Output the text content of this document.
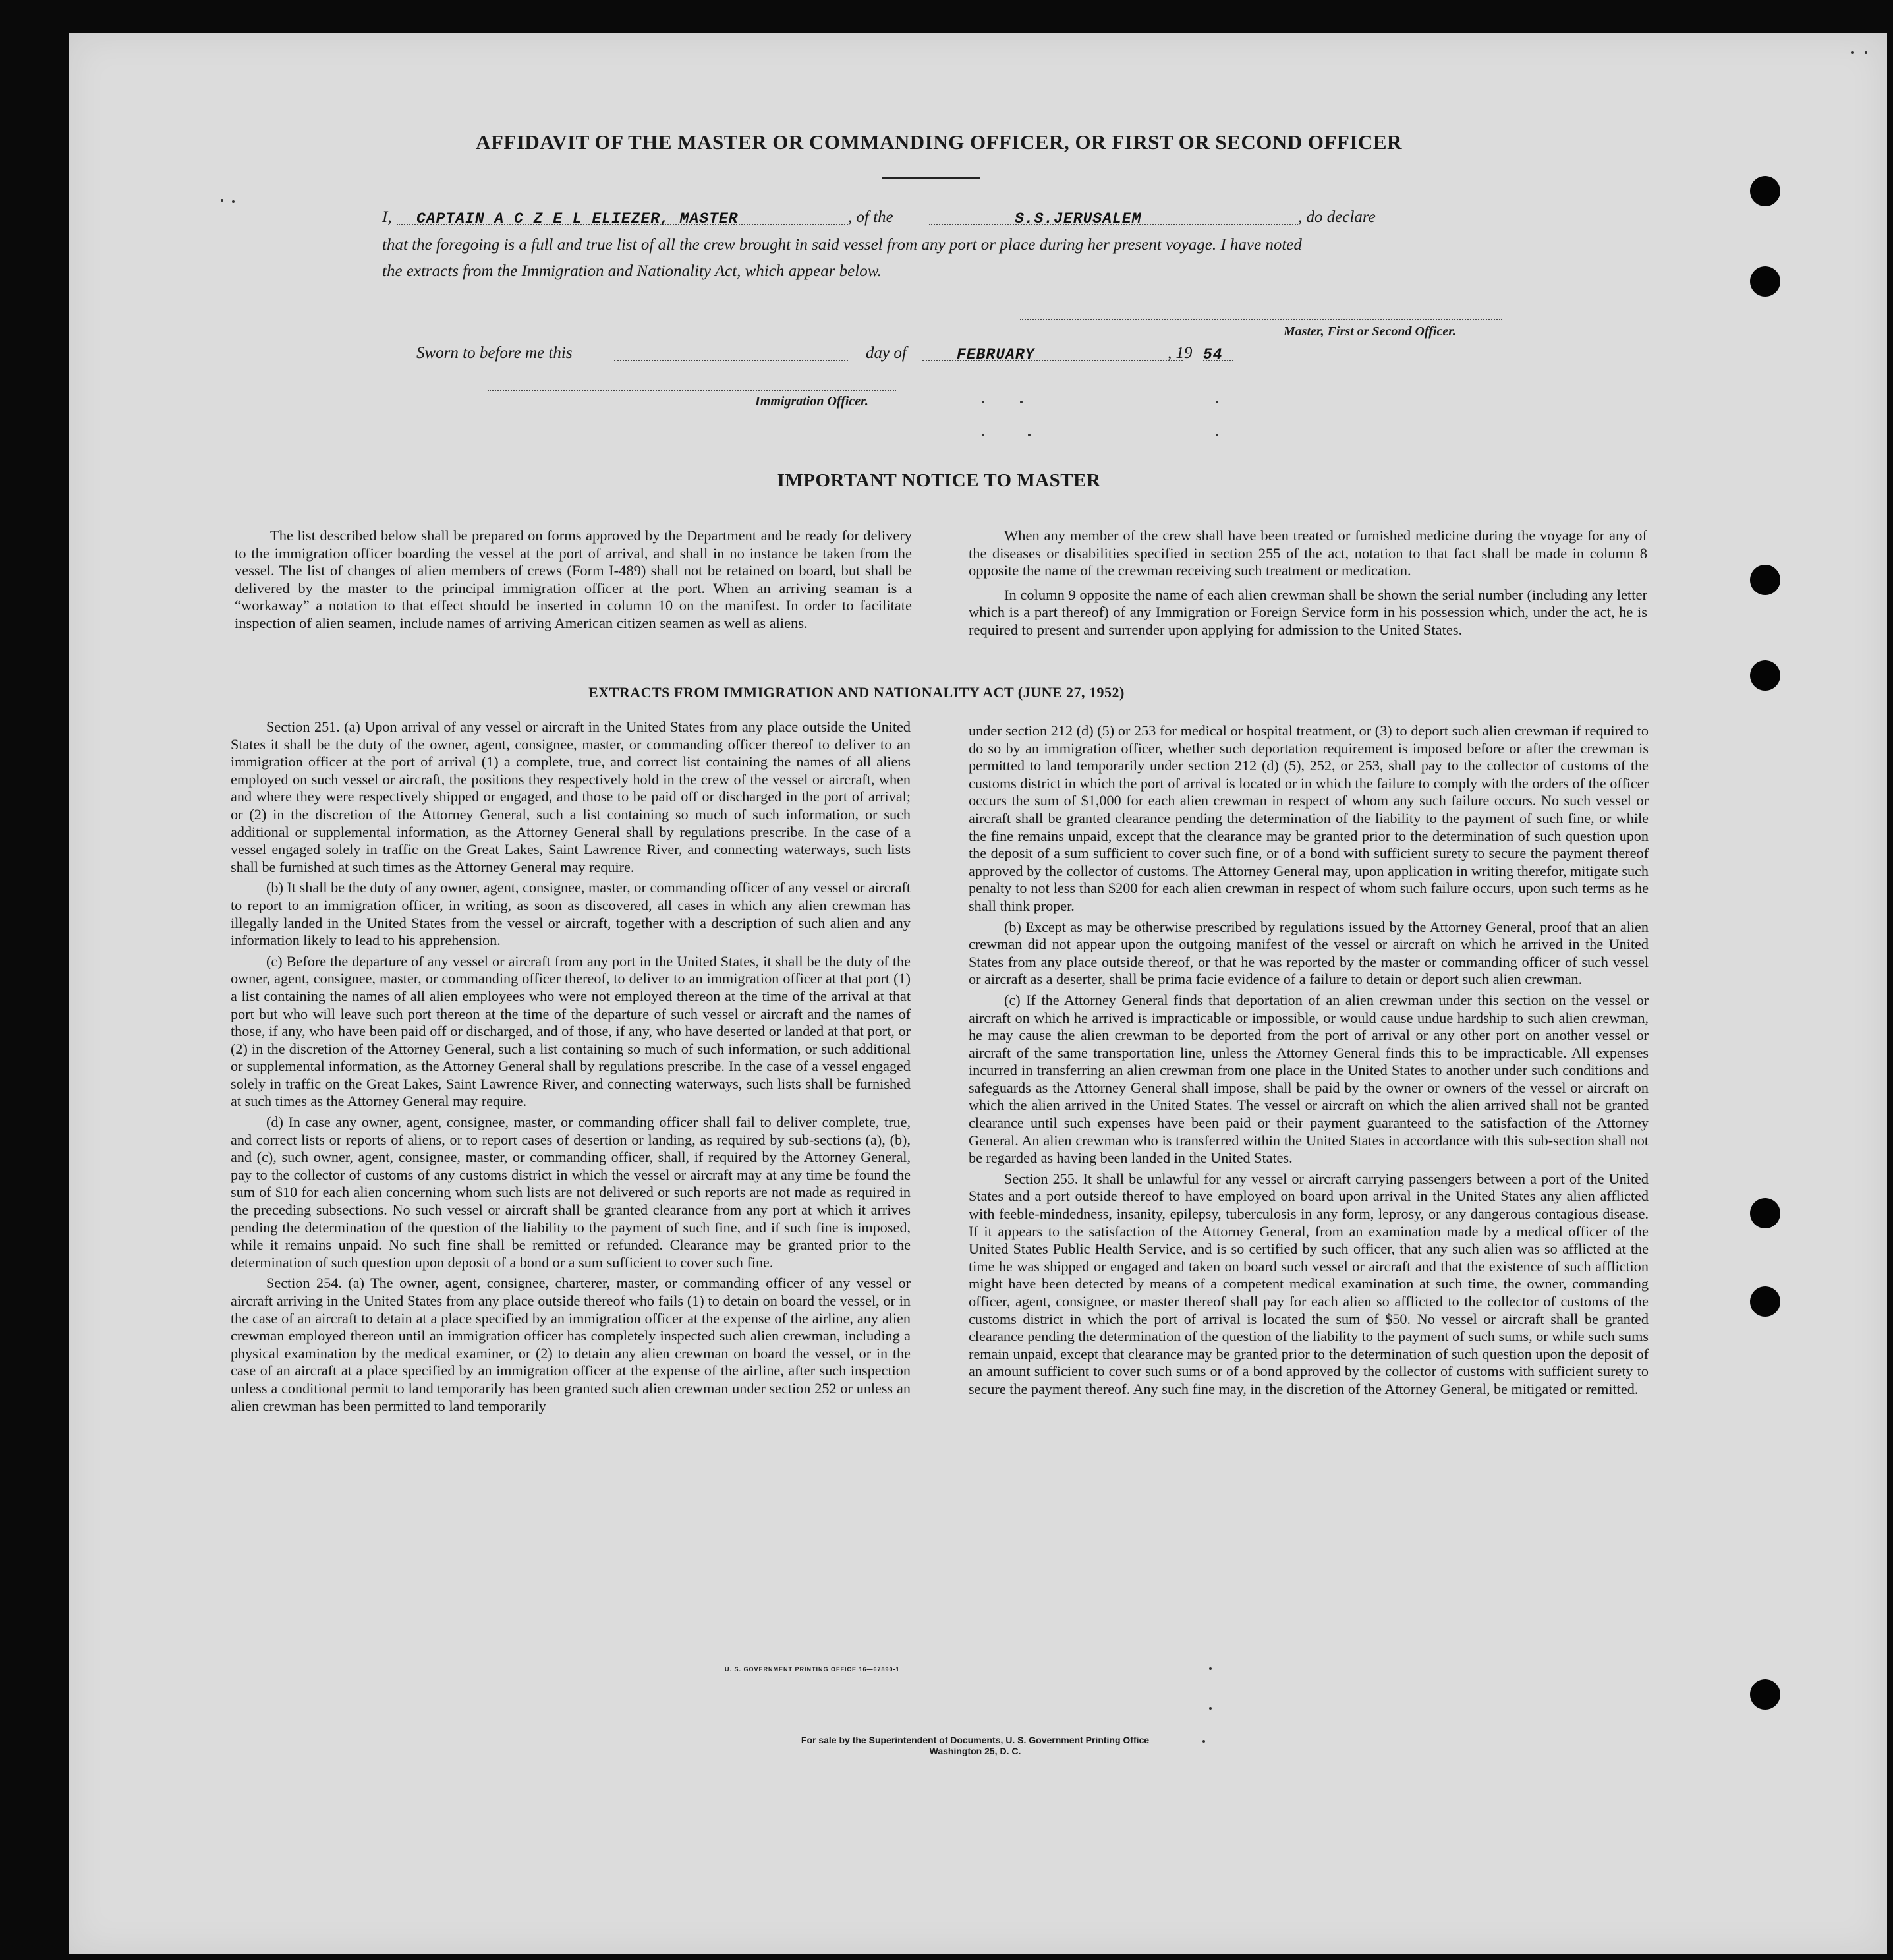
AFFIDAVIT OF THE MASTER OR COMMANDING OFFICER, OR FIRST OR SECOND OFFICER
I, CAPTAIN A C Z E L ELIEZER, MASTER	, of the	S.S.JERUSALEM	, do declare
that the foregoing is a full and true list of all the crew brought in said vessel from any port or place during her present voyage. I have noted
the extracts from the Immigration and Nationality Act, which appear below.
Master, First or Second Officer.
Sworn to before me this	day of	FEBRUARY	, 19 54
Immigration Officer.
IMPORTANT NOTICE TO MASTER

The list described below shall be prepared on forms approved by the Department and be ready for delivery to the immigration officer boarding the vessel at the port of arrival, and shall in no instance be taken from the vessel. The list of changes of alien members of crews (Form I-489) shall not be retained on board, but shall be delivered by the master to the principal immigration officer at the port. When an arriving seaman is a “workaway” a notation to that effect should be inserted in column 10 on the manifest. In order to facilitate inspection of alien seamen, include names of arriving American citizen seamen as well as aliens.

When any member of the crew shall have been treated or furnished medicine during the voyage for any of the diseases or disabilities specified in section 255 of the act, notation to that fact shall be made in column 8 opposite the name of the crewman receiving such treatment or medication.

In column 9 opposite the name of each alien crewman shall be shown the serial number (including any letter which is a part thereof) of any Immigration or Foreign Service form in his possession which, under the act, he is required to present and surrender upon applying for admission to the United States.

EXTRACTS FROM IMMIGRATION AND NATIONALITY ACT (JUNE 27, 1952)

Section 251. (a) Upon arrival of any vessel or aircraft in the United States from any place outside the United States it shall be the duty of the owner, agent, consignee, master, or commanding officer thereof to deliver to an immigration officer at the port of arrival (1) a complete, true, and correct list containing the names of all aliens employed on such vessel or aircraft, the positions they respectively hold in the crew of the vessel or aircraft, when and where they were respectively shipped or engaged, and those to be paid off or discharged in the port of arrival; or (2) in the discretion of the Attorney General, such a list containing so much of such information, or such additional or supplemental information, as the Attorney General shall by regulations prescribe. In the case of a vessel engaged solely in traffic on the Great Lakes, Saint Lawrence River, and connecting waterways, such lists shall be furnished at such times as the Attorney General may require.

(b) It shall be the duty of any owner, agent, consignee, master, or commanding officer of any vessel or aircraft to report to an immigration officer, in writing, as soon as discovered, all cases in which any alien crewman has illegally landed in the United States from the vessel or aircraft, together with a description of such alien and any information likely to lead to his apprehension.

(c) Before the departure of any vessel or aircraft from any port in the United States, it shall be the duty of the owner, agent, consignee, master, or commanding officer thereof, to deliver to an immigration officer at that port (1) a list containing the names of all alien employees who were not employed thereon at the time of the arrival at that port but who will leave such port thereon at the time of the departure of such vessel or aircraft and the names of those, if any, who have been paid off or discharged, and of those, if any, who have deserted or landed at that port, or (2) in the discretion of the Attorney General, such a list containing so much of such information, or such additional or supplemental information, as the Attorney General shall by regulations prescribe. In the case of a vessel engaged solely in traffic on the Great Lakes, Saint Lawrence River, and connecting waterways, such lists shall be furnished at such times as the Attorney General may require.

(d) In case any owner, agent, consignee, master, or commanding officer shall fail to deliver complete, true, and correct lists or reports of aliens, or to report cases of desertion or landing, as required by sub-sections (a), (b), and (c), such owner, agent, consignee, master, or commanding officer, shall, if required by the Attorney General, pay to the collector of customs of any customs district in which the vessel or aircraft may at any time be found the sum of $10 for each alien concerning whom such lists are not delivered or such reports are not made as required in the preceding subsections. No such vessel or aircraft shall be granted clearance from any port at which it arrives pending the determination of the question of the liability to the payment of such fine, and if such fine is imposed, while it remains unpaid. No such fine shall be remitted or refunded. Clearance may be granted prior to the determination of such question upon deposit of a bond or a sum sufficient to cover such fine.

Section 254. (a) The owner, agent, consignee, charterer, master, or commanding officer of any vessel or aircraft arriving in the United States from any place outside thereof who fails (1) to detain on board the vessel, or in the case of an aircraft to detain at a place specified by an immigration officer at the expense of the airline, any alien crewman employed thereon until an immigration officer has completely inspected such alien crewman, including a physical examination by the medical examiner, or (2) to detain any alien crewman on board the vessel, or in the case of an aircraft at a place specified by an immigration officer at the expense of the airline, after such inspection unless a conditional permit to land temporarily has been granted such alien crewman under section 252 or unless an alien crewman has been permitted to land temporarily

under section 212 (d) (5) or 253 for medical or hospital treatment, or (3) to deport such alien crewman if required to do so by an immigration officer, whether such deportation requirement is imposed before or after the crewman is permitted to land temporarily under section 212 (d) (5), 252, or 253, shall pay to the collector of customs of the customs district in which the port of arrival is located or in which the failure to comply with the orders of the officer occurs the sum of $1,000 for each alien crewman in respect of whom any such failure occurs. No such vessel or aircraft shall be granted clearance pending the determination of the liability to the payment of such fine, or while the fine remains unpaid, except that the clearance may be granted prior to the determination of such question upon the deposit of a sum sufficient to cover such fine, or of a bond with sufficient surety to secure the payment thereof approved by the collector of customs. The Attorney General may, upon application in writing therefor, mitigate such penalty to not less than $200 for each alien crewman in respect of whom such failure occurs, upon such terms as he shall think proper.

(b) Except as may be otherwise prescribed by regulations issued by the Attorney General, proof that an alien crewman did not appear upon the outgoing manifest of the vessel or aircraft on which he arrived in the United States from any place outside thereof, or that he was reported by the master or commanding officer of such vessel or aircraft as a deserter, shall be prima facie evidence of a failure to detain or deport such alien crewman.

(c) If the Attorney General finds that deportation of an alien crewman under this section on the vessel or aircraft on which he arrived is impracticable or impossible, or would cause undue hardship to such alien crewman, he may cause the alien crewman to be deported from the port of arrival or any other port on another vessel or aircraft of the same transportation line, unless the Attorney General finds this to be impracticable. All expenses incurred in transferring an alien crewman from one place in the United States to another under such conditions and safeguards as the Attorney General shall impose, shall be paid by the owner or owners of the vessel or aircraft on which the alien arrived in the United States. The vessel or aircraft on which the alien arrived shall not be granted clearance until such expenses have been paid or their payment guaranteed to the satisfaction of the Attorney General. An alien crewman who is transferred within the United States in accordance with this sub-section shall not be regarded as having been landed in the United States.

Section 255. It shall be unlawful for any vessel or aircraft carrying passengers between a port of the United States and a port outside thereof to have employed on board upon arrival in the United States any alien afflicted with feeble-mindedness, insanity, epilepsy, tuberculosis in any form, leprosy, or any dangerous contagious disease. If it appears to the satisfaction of the Attorney General, from an examination made by a medical officer of the United States Public Health Service, and is so certified by such officer, that any such alien was so afflicted at the time he was shipped or engaged and taken on board such vessel or aircraft and that the existence of such affliction might have been detected by means of a competent medical examination at such time, the owner, commanding officer, agent, consignee, or master thereof shall pay for each alien so afflicted to the collector of customs of the customs district in which the port of arrival is located the sum of $50. No vessel or aircraft shall be granted clearance pending the determination of the question of the liability to the payment of such sums, or while such sums remain unpaid, except that clearance may be granted prior to the determination of such question upon the deposit of an amount sufficient to cover such sums or of a bond approved by the collector of customs with sufficient surety to secure the payment thereof. Any such fine may, in the discretion of the Attorney General, be mitigated or remitted.

U. S. GOVERNMENT PRINTING OFFICE 16—67890-1
For sale by the Superintendent of Documents, U. S. Government Printing Office
Washington 25, D. C.
